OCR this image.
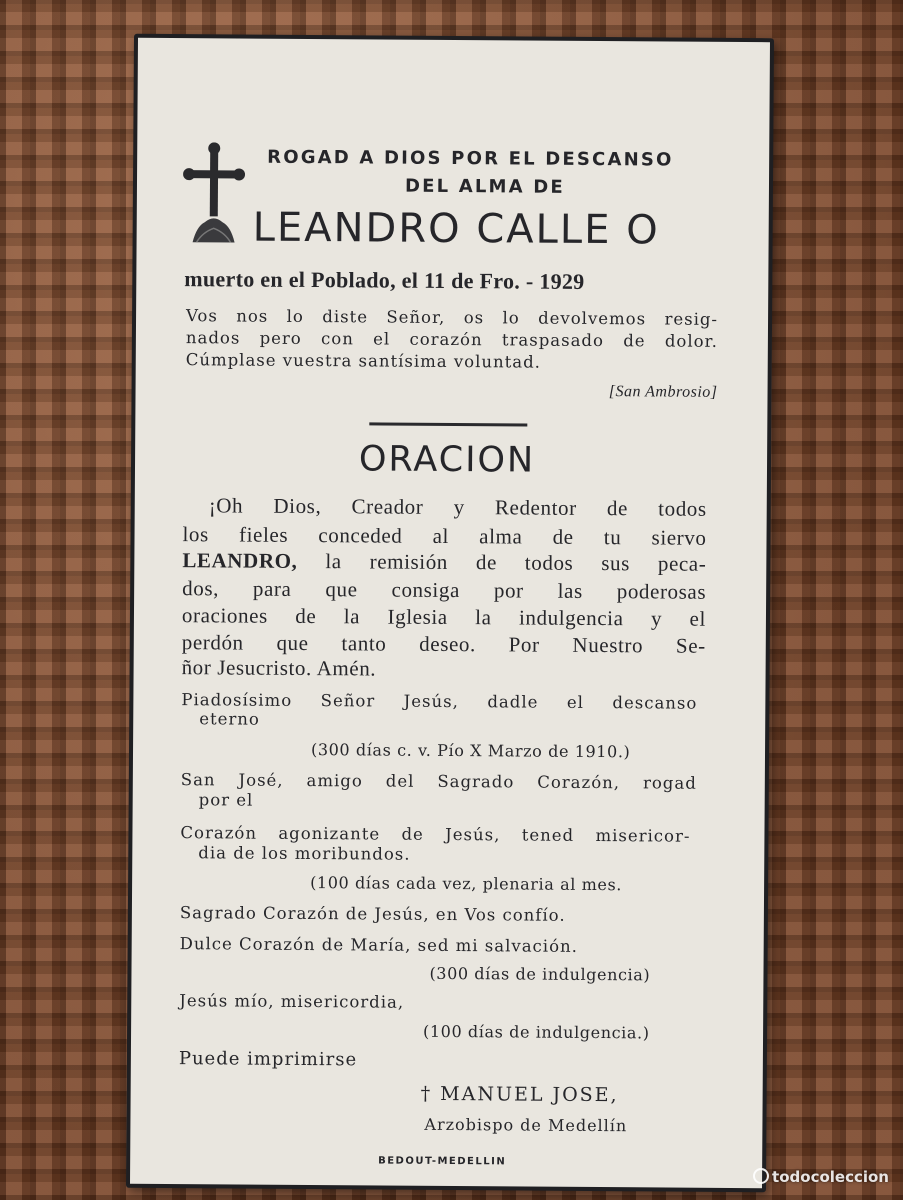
ROGAD A DIOS POR EL DESCANSO

DEL ALMA DE

LEANDRO CALLE O

muerto en el Poblado, el 11 de Fro. - 1929

Vos nos lo diste Señor, os lo devolvemos resig-

nados pero con el corazón traspasado de dolor.

Cúmplase vuestra santísima voluntad.

[San Ambrosio]

ORACION

¡Oh Dios, Creador y Redentor de todos

los fieles conceded al alma de tu siervo

LEANDRO, la remisión de todos sus peca-

dos, para que consiga por las poderosas

oraciones de la Iglesia la indulgencia y el

perdón que tanto deseo. Por Nuestro Se-

ñor Jesucristo. Amén.

Piadosísimo Señor Jesús, dadle el descanso

eterno

(300 días c. v. Pío X Marzo de 1910.)

San José, amigo del Sagrado Corazón, rogad

por el

Corazón agonizante de Jesús, tened misericor-

dia de los moribundos.

(100 días cada vez, plenaria al mes.

Sagrado Corazón de Jesús, en Vos confío.

Dulce Corazón de María, sed mi salvación.

(300 días de indulgencia)

Jesús mío, misericordia,

(100 días de indulgencia.)

Puede imprimirse

† MANUEL JOSE,

Arzobispo de Medellín

BEDOUT-MEDELLIN

todocoleccion
